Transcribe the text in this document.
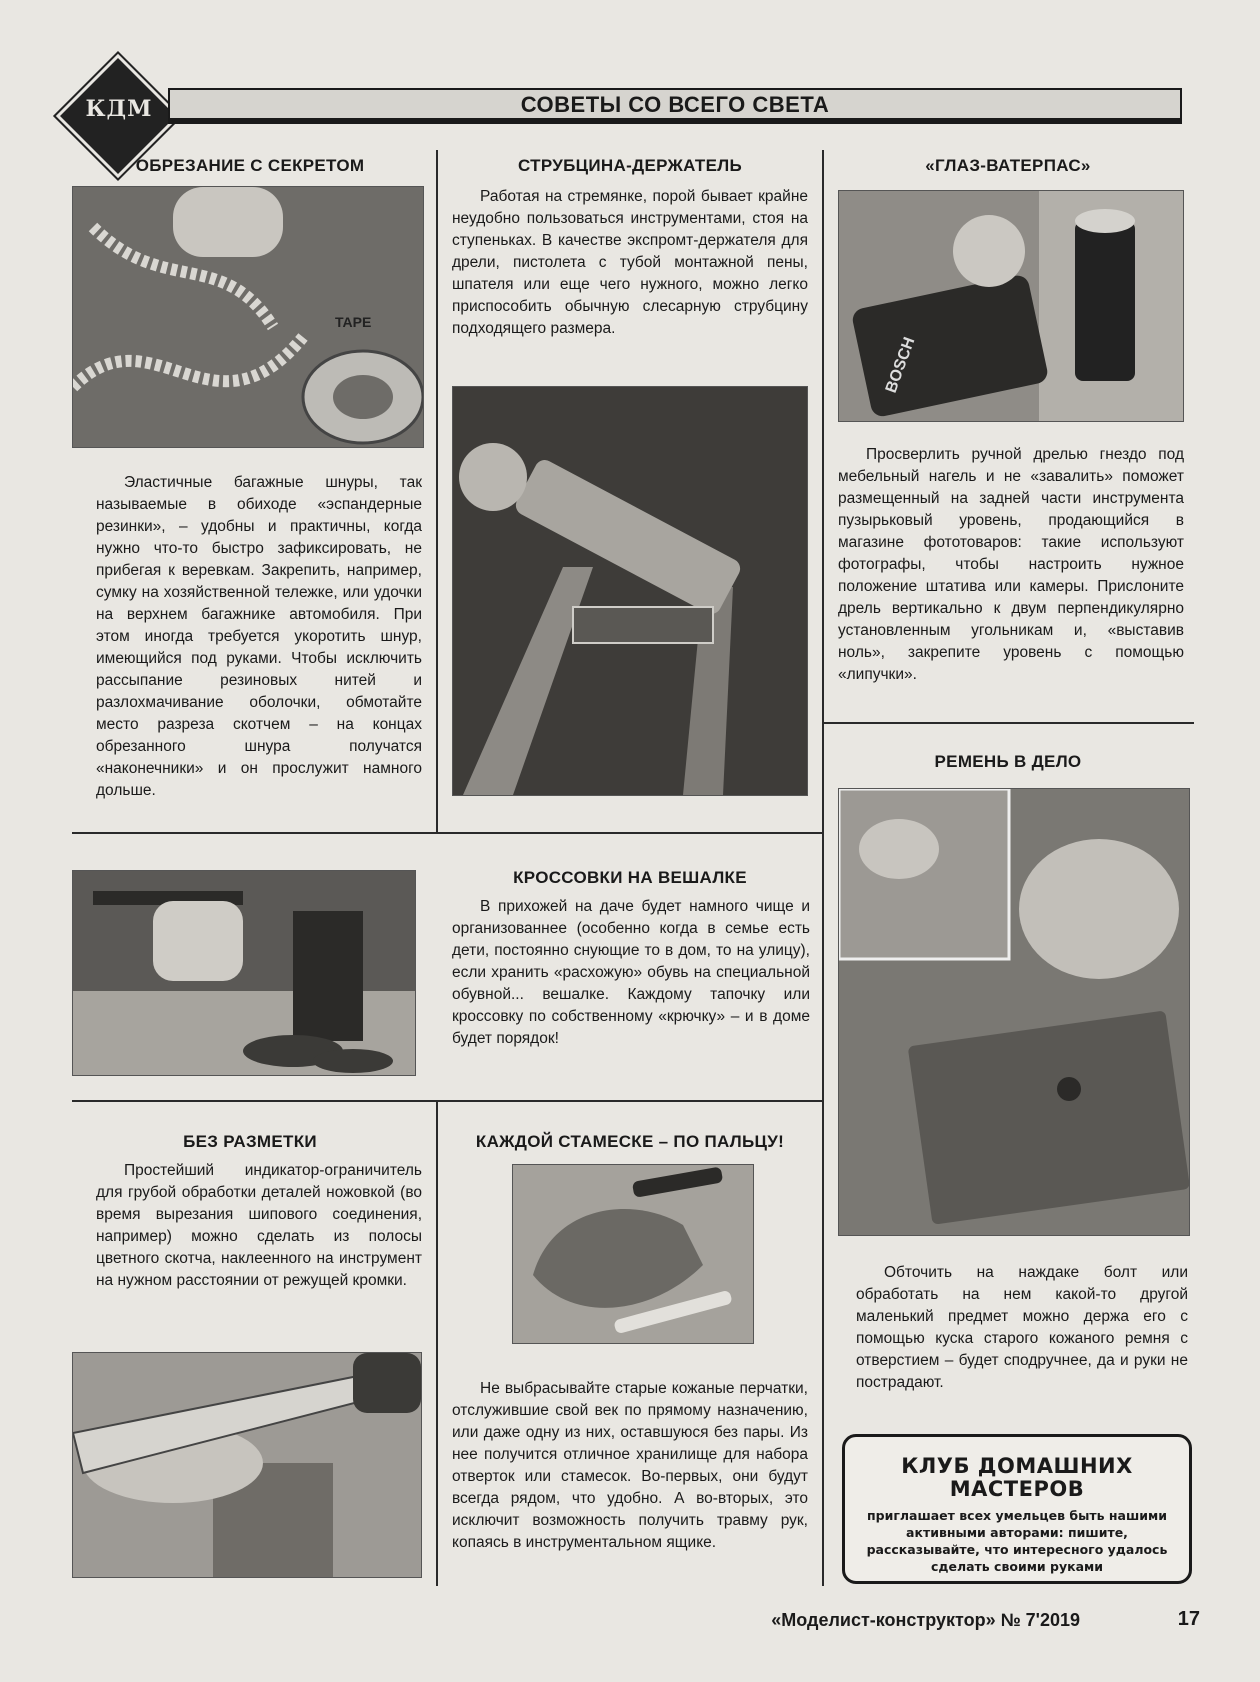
КДМ	СОВЕТЫ СО ВСЕГО СВЕТА
ОБРЕЗАНИЕ С СЕКРЕТОМ
TAPE

Эластичные багажные шнуры, так называемые в обиходе «эспандерные резинки», – удобны и практичны, когда нужно что-то быстро зафиксировать, не прибегая к веревкам. Закрепить, например, сумку на хозяйственной тележке, или удочки на верхнем багажнике автомобиля. При этом иногда требуется укоротить шнур, имеющийся под руками. Чтобы исключить рассыпание резиновых нитей и разлохмачивание оболочки, обмотайте место разреза скотчем – на концах обрезанного шнура получатся «наконечники» и он прослужит намного дольше.

СТРУБЦИНА-ДЕРЖАТЕЛЬ

Работая на стремянке, порой бывает крайне неудобно пользоваться инструментами, стоя на ступеньках. В качестве экспромт-держателя для дрели, пистолета с тубой монтажной пены, шпателя или еще чего нужного, можно легко приспособить обычную слесарную струбцину подходящего размера.

«ГЛАЗ-ВАТЕРПАС»
BOSCH

Просверлить ручной дрелью гнездо под мебельный нагель и не «завалить» поможет размещенный на задней части инструмента пузырьковый уровень, продающийся в магазине фототоваров: такие используют фотографы, чтобы настроить нужное положение штатива или камеры. Прислоните дрель вертикально к двум перпендикулярно установленным угольникам и, «выставив ноль», закрепите уровень с помощью «липучки».

РЕМЕНЬ В ДЕЛО

Обточить на наждаке болт или обработать на нем какой-то другой маленький предмет можно держа его с помощью куска старого кожаного ремня с отверстием – будет сподручнее, да и руки не пострадают.

КРОССОВКИ НА ВЕШАЛКЕ

В прихожей на даче будет намного чище и организованнее (особенно когда в семье есть дети, постоянно снующие то в дом, то на улицу), если хранить «расхожую» обувь на специальной обувной... вешалке. Каждому тапочку или кроссовку по собственному «крючку» – и в доме будет порядок!

БЕЗ РАЗМЕТКИ

Простейший индикатор-ограничитель для грубой обработки деталей ножовкой (во время вырезания шипового соединения, например) можно сделать из полосы цветного скотча, наклеенного на инструмент на нужном расстоянии от режущей кромки.

КАЖДОЙ СТАМЕСКЕ – ПО ПАЛЬЦУ!

Не выбрасывайте старые кожаные перчатки, отслужившие свой век по прямому назначению, или даже одну из них, оставшуюся без пары. Из нее получится отличное хранилище для набора отверток или стамесок. Во-первых, они будут всегда рядом, что удобно. А во-вторых, это исключит возможность получить травму рук, копаясь в инструментальном ящике.

КЛУБ ДОМАШНИХ
МАСТЕРОВ
приглашает всех умельцев быть нашими активными авторами: пишите, рассказывайте, что интересного удалось сделать своими руками
«Моделист-конструктор» № 7'2019	17
